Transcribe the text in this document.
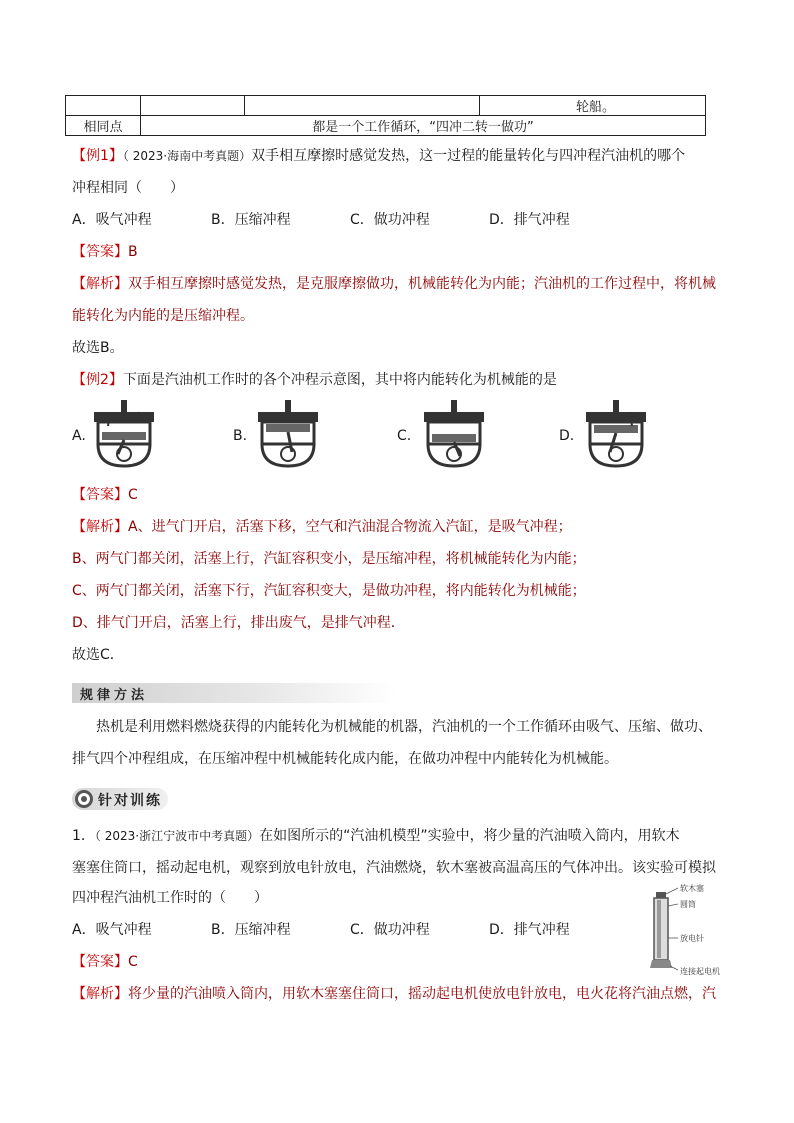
			轮船。
相同点	都是一个工作循环，“四冲二转一做功”		
【例1】（ 2023·海南中考真题）双手相互摩擦时感觉发热，这一过程的能量转化与四冲程汽油机的哪个
冲程相同（　　）
A．吸气冲程	B．压缩冲程	C．做功冲程	D．排气冲程
【答案】B
【解析】双手相互摩擦时感觉发热，是克服摩擦做功，机械能转化为内能；汽油机的工作过程中，将机械
能转化为内能的是压缩冲程。
故选B。
【例2】下面是汽油机工作时的各个冲程示意图，其中将内能转化为机械能的是
A.	B.	C.	D.
【答案】C
【解析】A、进气门开启，活塞下移，空气和汽油混合物流入汽缸，是吸气冲程；
B、两气门都关闭，活塞上行，汽缸容积变小，是压缩冲程，将机械能转化为内能；
C、两气门都关闭，活塞下行，汽缸容积变大，是做功冲程，将内能转化为机械能；
D、排气门开启，活塞上行，排出废气，是排气冲程．
故选C．
规律方法
热机是利用燃料燃烧获得的内能转化为机械能的机器，汽油机的一个工作循环由吸气、压缩、做功、
排气四个冲程组成，在压缩冲程中机械能转化成内能，在做功冲程中内能转化为机械能。
针对训练
1．（ 2023·浙江宁波市中考真题）在如图所示的“汽油机模型”实验中，将少量的汽油喷入筒内，用软木
塞塞住筒口，摇动起电机，观察到放电针放电，汽油燃烧，软木塞被高温高压的气体冲出。该实验可模拟
四冲程汽油机工作时的（　　）
A．吸气冲程	B．压缩冲程	C．做功冲程	D．排气冲程
软木塞
圆筒
放电针
连接起电机
【答案】C
【解析】将少量的汽油喷入筒内，用软木塞塞住筒口，摇动起电机使放电针放电，电火花将汽油点燃，汽
